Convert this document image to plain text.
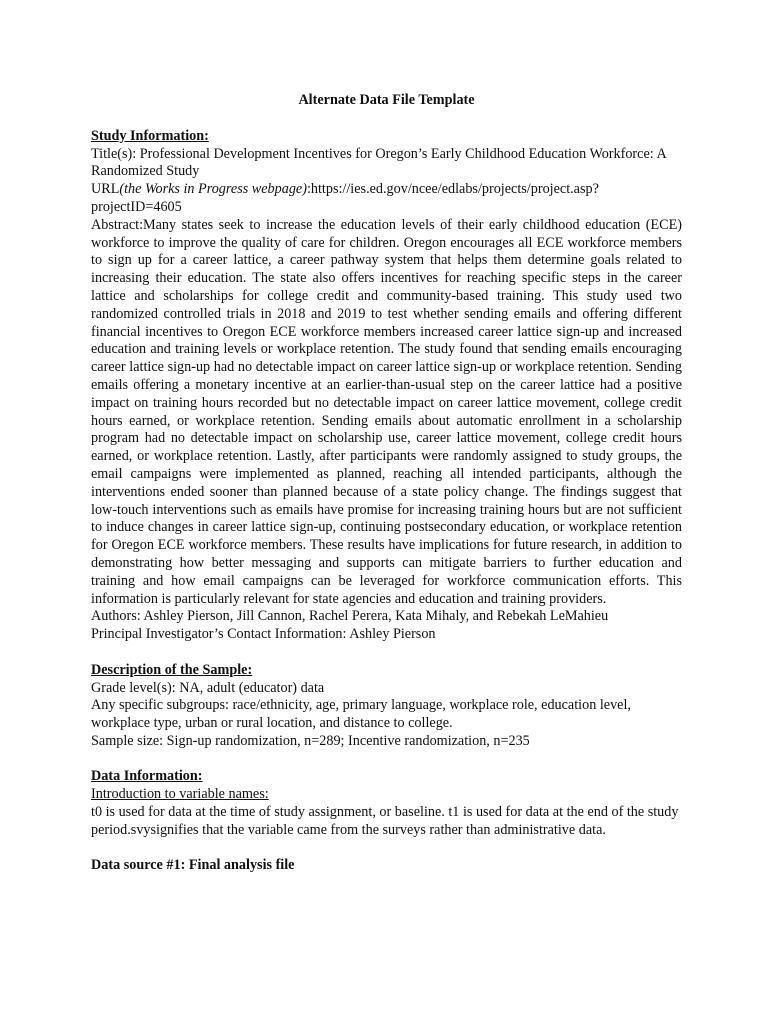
Alternate Data File Template

Study Information:

Title(s): Professional Development Incentives for Oregon’s Early Childhood Education Workforce: A Randomized Study

URL(the Works in Progress webpage):https://ies.ed.gov/ncee/edlabs/projects/project.asp?projectID=4605

Abstract:Many states seek to increase the education levels of their early childhood education (ECE) workforce to improve the quality of care for children. Oregon encourages all ECE workforce members to sign up for a career lattice, a career pathway system that helps them determine goals related to increasing their education. The state also offers incentives for reaching specific steps in the career lattice and scholarships for college credit and community-based training. This study used two randomized controlled trials in 2018 and 2019 to test whether sending emails and offering different financial incentives to Oregon ECE workforce members increased career lattice sign-up and increased education and training levels or workplace retention. The study found that sending emails encouraging career lattice sign-up had no detectable impact on career lattice sign-up or workplace retention. Sending emails offering a monetary incentive at an earlier-than-usual step on the career lattice had a positive impact on training hours recorded but no detectable impact on career lattice movement, college credit hours earned, or workplace retention. Sending emails about automatic enrollment in a scholarship program had no detectable impact on scholarship use, career lattice movement, college credit hours earned, or workplace retention. Lastly, after participants were randomly assigned to study groups, the email campaigns were implemented as planned, reaching all intended participants, although the interventions ended sooner than planned because of a state policy change. The findings suggest that low-touch interventions such as emails have promise for increasing training hours but are not sufficient to induce changes in career lattice sign-up, continuing postsecondary education, or workplace retention for Oregon ECE workforce members. These results have implications for future research, in addition to demonstrating how better messaging and supports can mitigate barriers to further education and training and how email campaigns can be leveraged for workforce communication efforts. This information is particularly relevant for state agencies and education and training providers.

Authors: Ashley Pierson, Jill Cannon, Rachel Perera, Kata Mihaly, and Rebekah LeMahieu

Principal Investigator’s Contact Information: Ashley Pierson

Description of the Sample:

Grade level(s): NA, adult (educator) data

Any specific subgroups: race/ethnicity, age, primary language, workplace role, education level, workplace type, urban or rural location, and distance to college.

Sample size: Sign-up randomization, n=289; Incentive randomization, n=235

Data Information:

Introduction to variable names:

t0 is used for data at the time of study assignment, or baseline. t1 is used for data at the end of the study period.svysignifies that the variable came from the surveys rather than administrative data.

Data source #1: Final analysis file
